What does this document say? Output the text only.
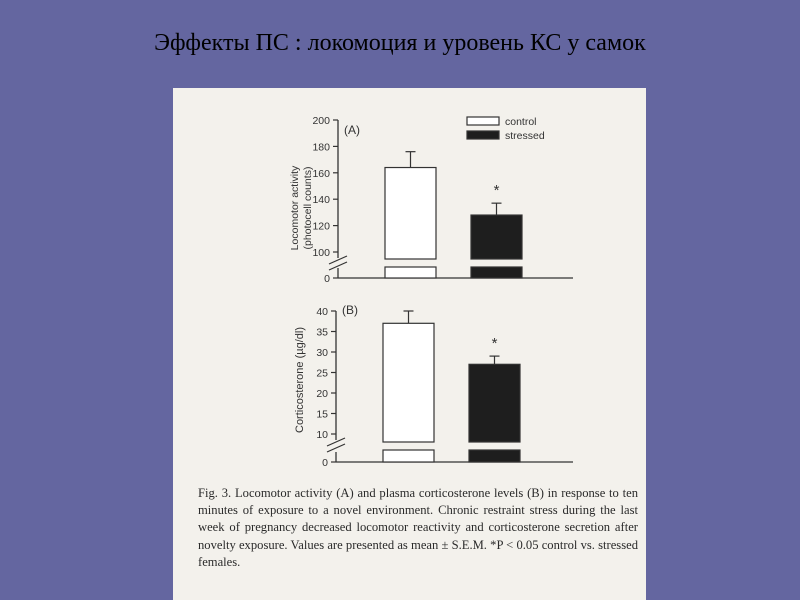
Эффекты ПС : локомоция и уровень КС у самок
200
180
160
140
120
100
0
(A)
Locomotor activity (photocell counts)	*
40
35
30
25
20
15
10
0
(B)
Corticosterone (µg/dl)	*
control
stressed
Fig. 3. Locomotor activity (A) and plasma corticosterone levels (B) in response to ten minutes of exposure to a novel environment. Chronic restraint stress during the last week of pregnancy decreased locomotor reactivity and corticosterone secretion after novelty exposure. Values are presented as mean ± S.E.M. *P < 0.05 control vs. stressed females.
